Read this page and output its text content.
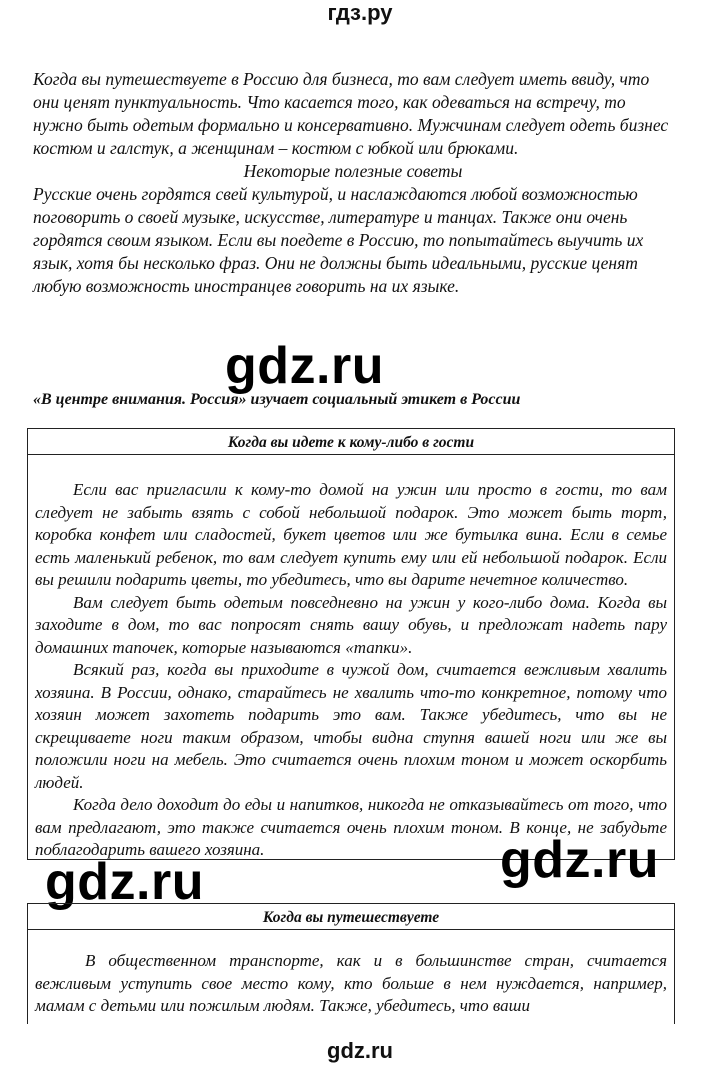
гдз.ру

Когда вы путешествуете в Россию для бизнеса, то вам следует иметь ввиду, что они ценят пунктуальность. Что касается того, как одеваться на встречу, то нужно быть одетым формально и консервативно. Мужчинам следует одеть бизнес костюм и галстук, а женщинам – костюм с юбкой или брюками.

Некоторые полезные советы

Русские очень гордятся свей культурой, и наслаждаются любой возможностью поговорить о своей музыке, искусстве, литературе и танцах. Также они очень гордятся своим языком. Если вы поедете в Россию, то попытайтесь выучить их язык, хотя бы несколько фраз. Они не должны быть идеальными, русские ценят любую возможность иностранцев говорить на их языке.

gdz.ru
«В центре внимания. Россия» изучает социальный этикет в России
Когда вы идете к кому-либо в гости

Если вас пригласили к кому-то домой на ужин или просто в гости, то вам следует не забыть взять с собой небольшой подарок. Это может быть торт, коробка конфет или сладостей, букет цветов или же бутылка вина. Если в семье есть маленький ребенок, то вам следует купить ему или ей небольшой подарок. Если вы решили подарить цветы, то убедитесь, что вы дарите нечетное количество.

Вам следует быть одетым повседневно на ужин у кого-либо дома. Когда вы заходите в дом, то вас попросят снять вашу обувь, и предложат надеть пару домашних тапочек, которые называются «тапки».

Всякий раз, когда вы приходите в чужой дом, считается вежливым хвалить хозяина. В России, однако, старайтесь не хвалить что-то конкретное, потому что хозяин может захотеть подарить это вам. Также убедитесь, что вы не скрещиваете ноги таким образом, чтобы видна ступня вашей ноги или же вы положили ноги на мебель. Это считается очень плохим тоном и может оскорбить людей.

Когда дело доходит до еды и напитков, никогда не отказывайтесь от того, что вам предлагают, это также считается очень плохим тоном. В конце, не забудьте поблагодарить вашего хозяина.	gdz.ru
gdz.ru
Когда вы путешествуете

В общественном транспорте, как и в большинстве стран, считается вежливым уступить свое место кому, кто больше в нем нуждается, например, мамам с детьми или пожилым людям. Также, убедитесь, что ваши

gdz.ru
